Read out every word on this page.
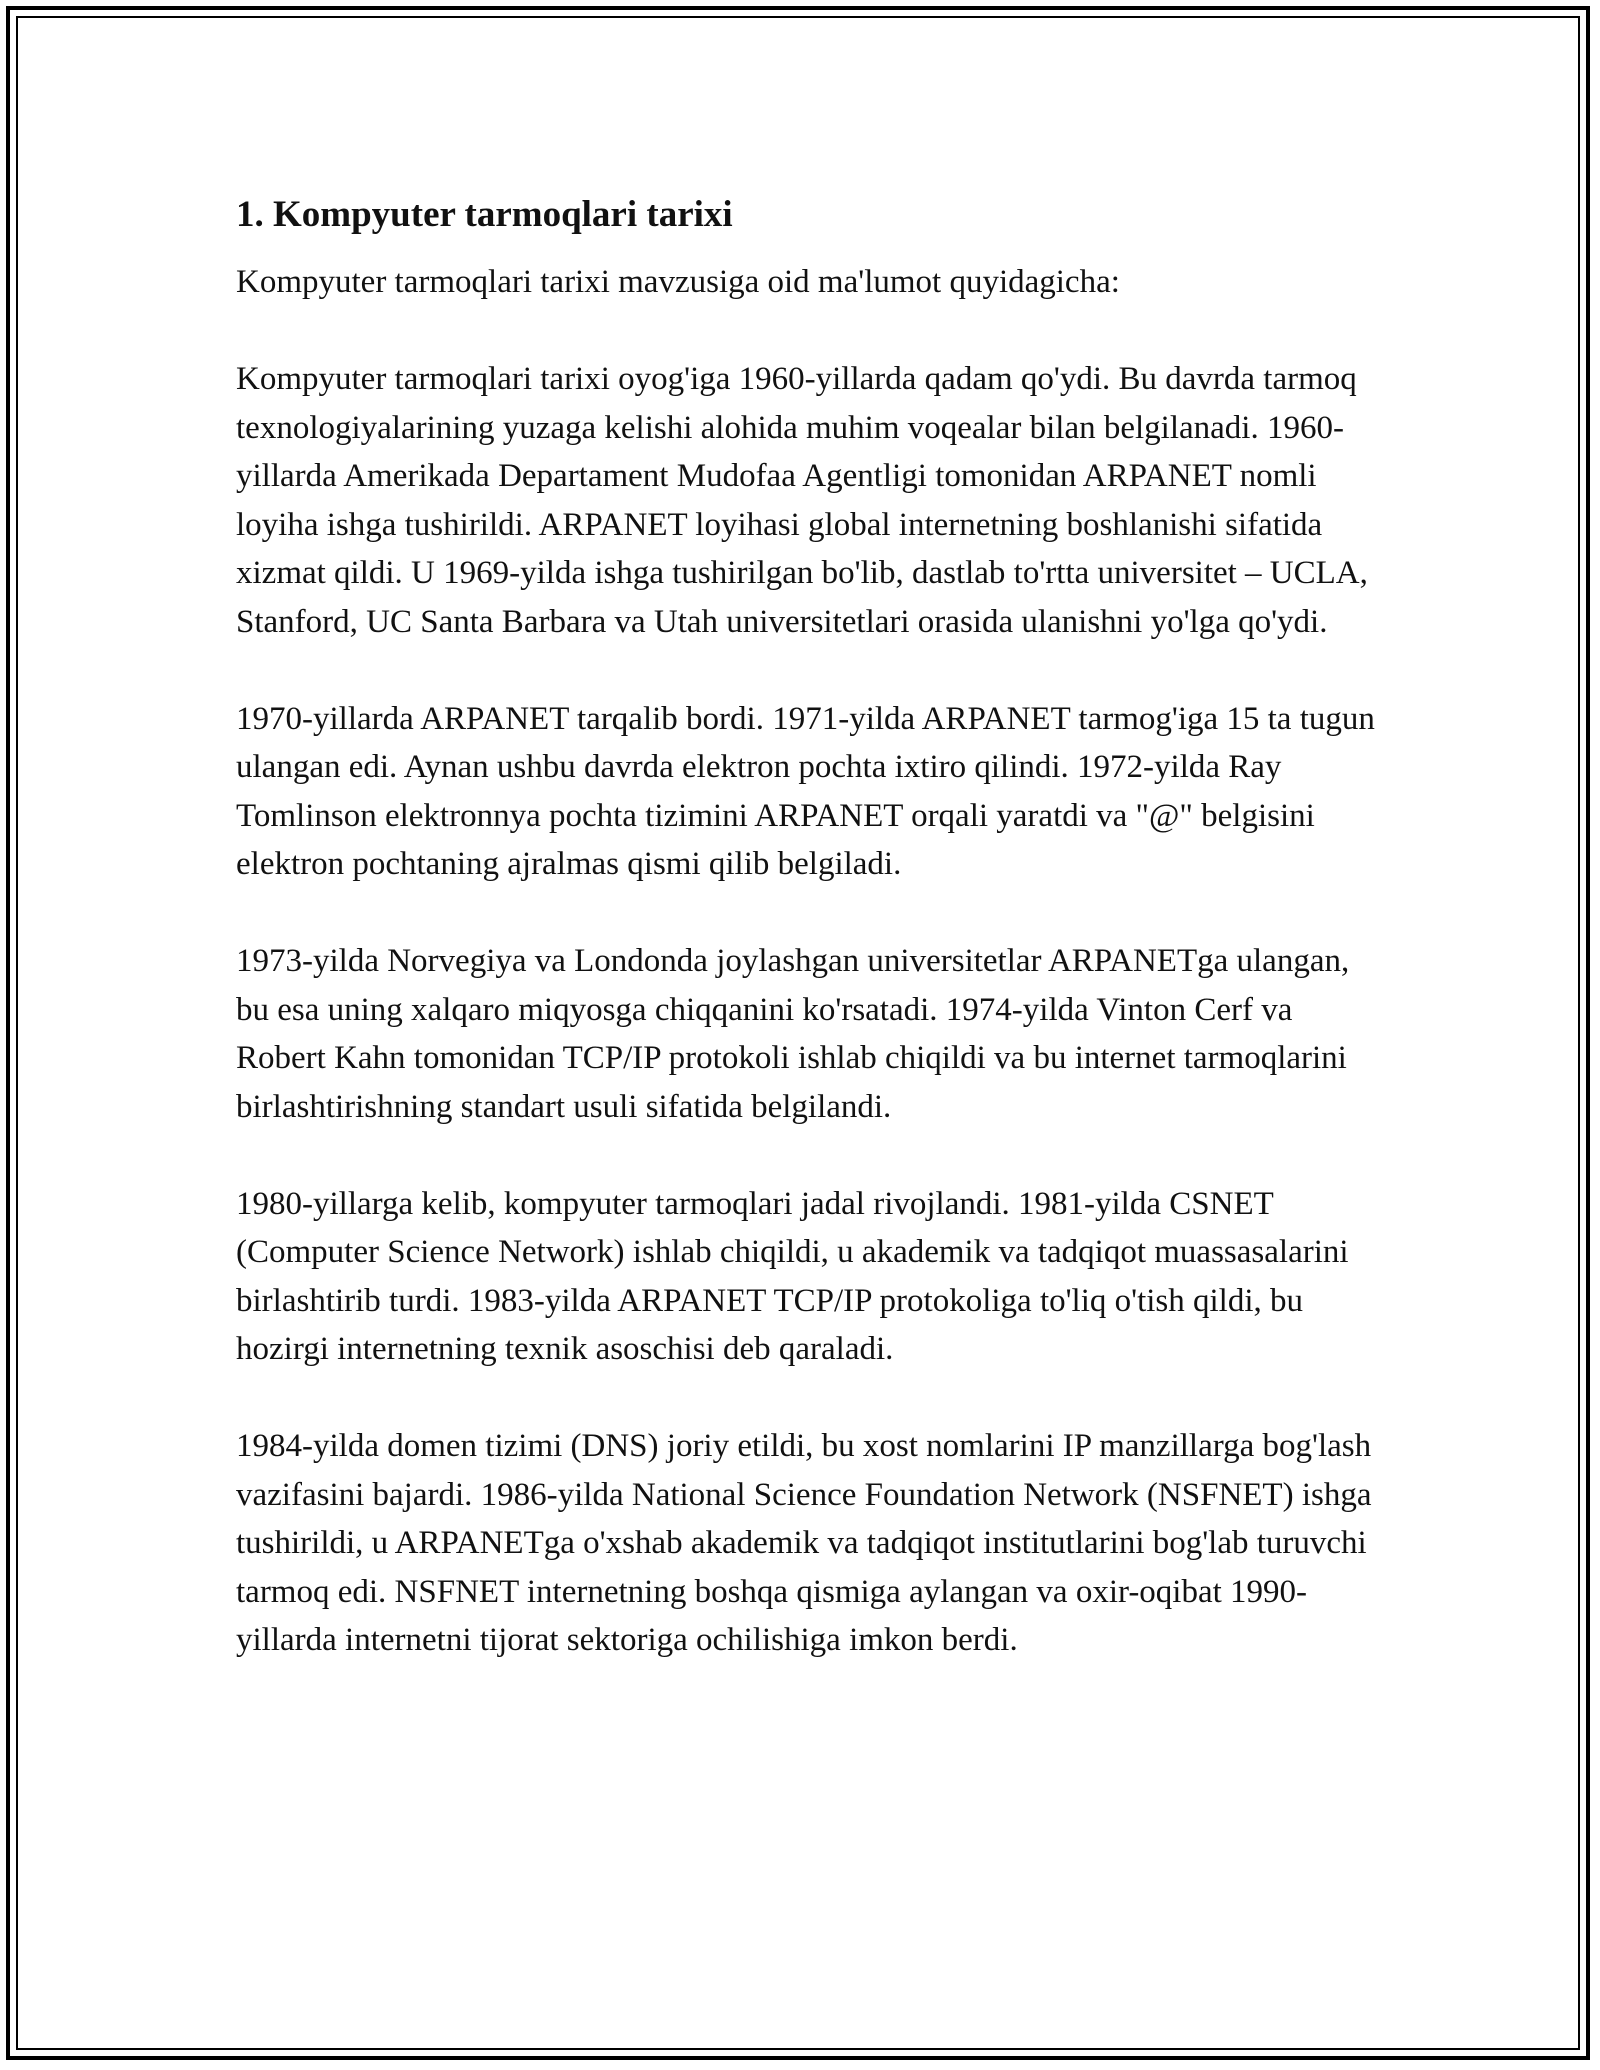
1. Kompyuter tarmoqlari tarixi

Kompyuter tarmoqlari tarixi mavzusiga oid ma'lumot quyidagicha:

Kompyuter tarmoqlari tarixi oyog'iga 1960-yillarda qadam qo'ydi. Bu davrda tarmoq texnologiyalarining yuzaga kelishi alohida muhim voqealar bilan belgilanadi. 1960-yillarda Amerikada Departament Mudofaa Agentligi tomonidan ARPANET nomli loyiha ishga tushirildi. ARPANET loyihasi global internetning boshlanishi sifatida xizmat qildi. U 1969-yilda ishga tushirilgan bo'lib, dastlab to'rtta universitet – UCLA, Stanford, UC Santa Barbara va Utah universitetlari orasida ulanishni yo'lga qo'ydi.

1970-yillarda ARPANET tarqalib bordi. 1971-yilda ARPANET tarmog'iga 15 ta tugun ulangan edi. Aynan ushbu davrda elektron pochta ixtiro qilindi. 1972-yilda Ray Tomlinson elektronnya pochta tizimini ARPANET orqali yaratdi va "@" belgisini elektron pochtaning ajralmas qismi qilib belgiladi.

1973-yilda Norvegiya va Londonda joylashgan universitetlar ARPANETga ulangan, bu esa uning xalqaro miqyosga chiqqanini ko'rsatadi. 1974-yilda Vinton Cerf va Robert Kahn tomonidan TCP/IP protokoli ishlab chiqildi va bu internet tarmoqlarini birlashtirishning standart usuli sifatida belgilandi.

1980-yillarga kelib, kompyuter tarmoqlari jadal rivojlandi. 1981-yilda CSNET (Computer Science Network) ishlab chiqildi, u akademik va tadqiqot muassasalarini birlashtirib turdi. 1983-yilda ARPANET TCP/IP protokoliga to'liq o'tish qildi, bu hozirgi internetning texnik asoschisi deb qaraladi.

1984-yilda domen tizimi (DNS) joriy etildi, bu xost nomlarini IP manzillarga bog'lash vazifasini bajardi. 1986-yilda National Science Foundation Network (NSFNET) ishga tushirildi, u ARPANETga o'xshab akademik va tadqiqot institutlarini bog'lab turuvchi tarmoq edi. NSFNET internetning boshqa qismiga aylangan va oxir-oqibat 1990-yillarda internetni tijorat sektoriga ochilishiga imkon berdi.
